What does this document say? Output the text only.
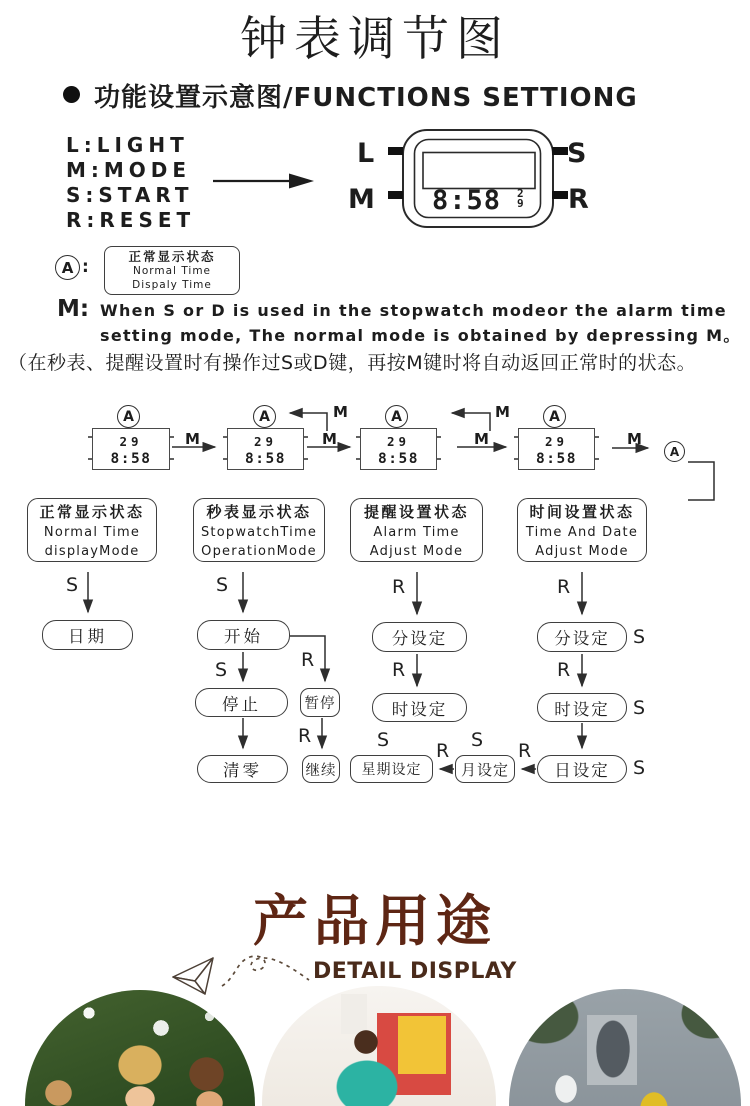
钟表调节图
功能设置示意图/FUNCTIONS SETTIONG
L:LIGHT
M:MODE
S:START
R:RESET
L
M
S
R
8:58 2
9
A :
正常显示状态
Normal Time
Dispaly Time
M: When S or D is used in the stopwatch modeor the alarm time
setting mode, The normal mode is obtained by depressing M。
（在秒表、提醒设置时有操作过S或D键，再按M键时将自动返回正常时的状态。
29
8:58
29
8:58
29
8:58
29
8:58
A	A	A	A
A
M	M	M	M
M	M
正常显示状态
Normal Time
displayMode
秒表显示状态
StopwatchTime
OperationMode
提醒设置状态
Alarm Time
Adjust Mode
时间设置状态
Time And Date
Adjust Mode
S	S
S	R
R
R
R
R
R
S
S
S
S	S R
R
日期	开始
停止	暂停
清零	继续
分设定
时设定
分设定
时设定
日设定
月设定
星期设定
产品用途
DETAIL DISPLAY
